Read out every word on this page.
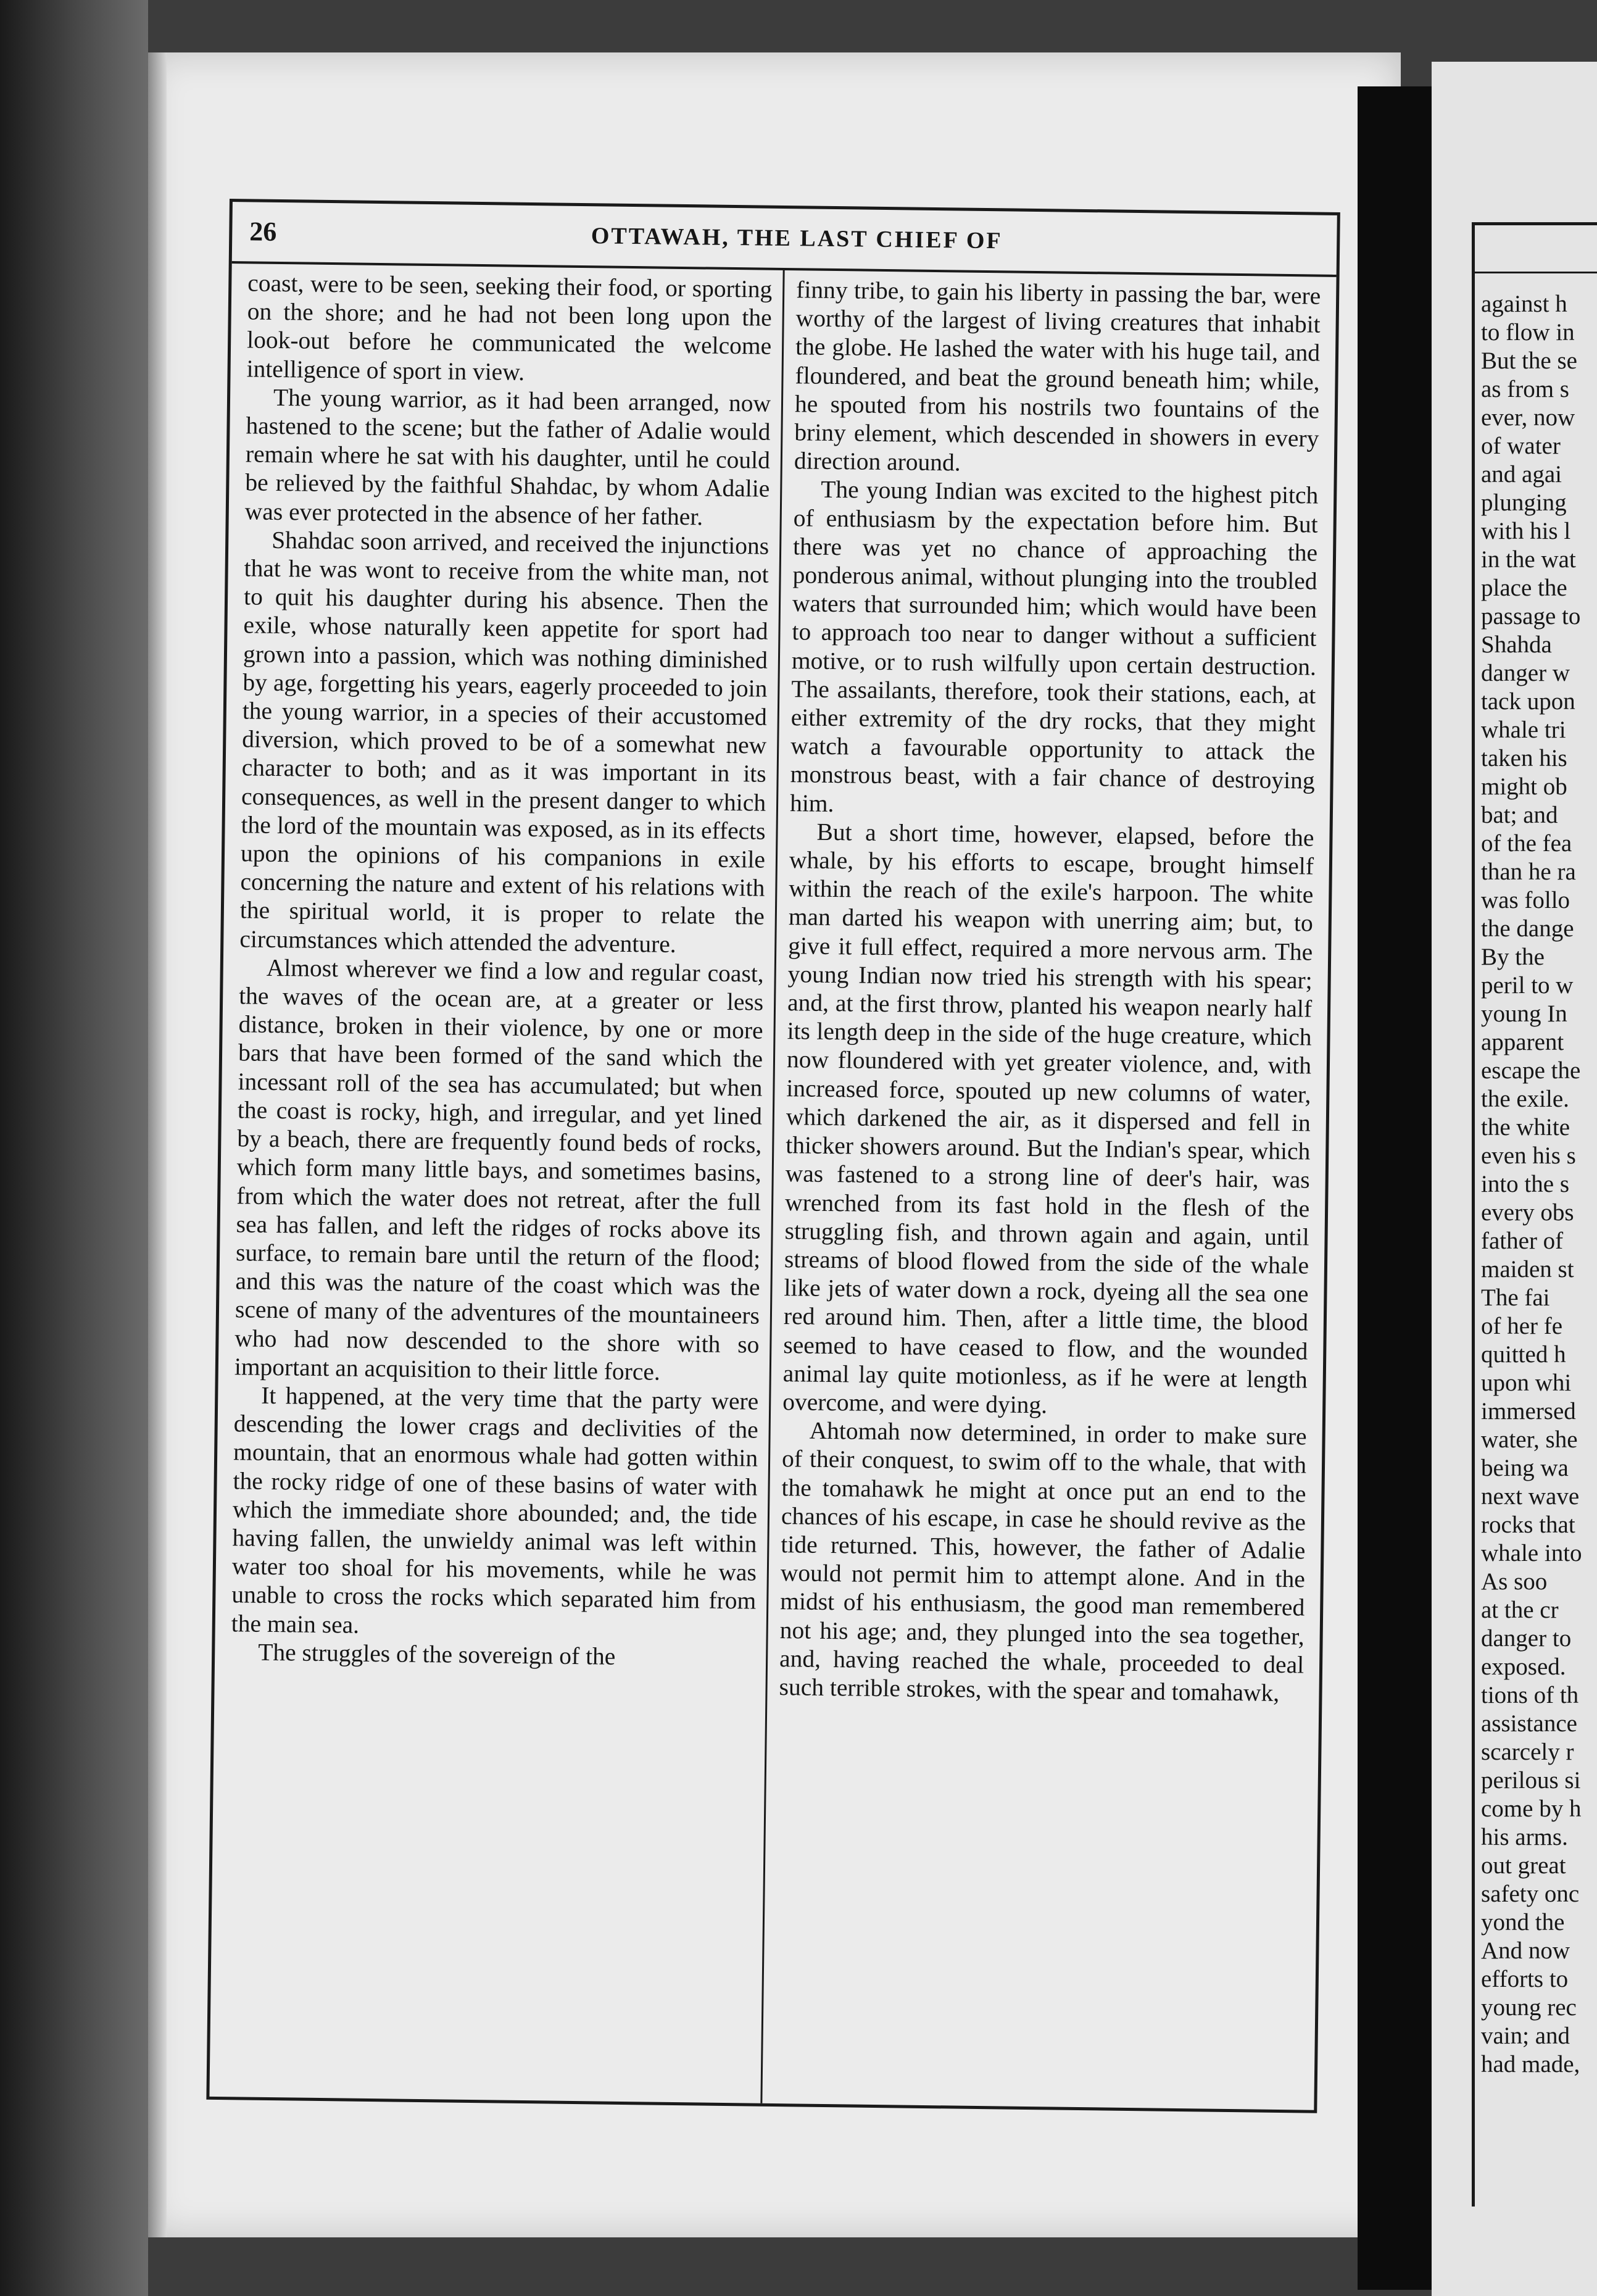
against h
to flow in
But the se
as from s
ever, now
of water
and agai
plunging
with his l
in the wat
place the
passage to
Shahda
danger w
tack upon
whale tri
taken his
might ob
bat; and
of the fea
than he ra
was follo
the dange
By the
peril to w
young In
apparent
escape the
the exile.
the white
even his s
into the s
every obs
father of
maiden st
The fai
of her fe
quitted h
upon whi
immersed
water, she
being wa
next wave
rocks that
whale into
As soo
at the cr
danger to
exposed.
tions of th
assistance
scarcely r
perilous si
come by h
his arms.
out great
safety onc
yond the
And now
efforts to
young rec
vain; and
had made,
26	OTTAWAH, THE LAST CHIEF OF

coast, were to be seen, seeking their food, or sporting on the shore; and he had not been long upon the look-out before he communicated the welcome intelligence of sport in view.

The young warrior, as it had been arranged, now hastened to the scene; but the father of Adalie would remain where he sat with his daughter, until he could be relieved by the faithful Shahdac, by whom Adalie was ever protected in the absence of her father.

Shahdac soon arrived, and received the injunctions that he was wont to receive from the white man, not to quit his daughter during his absence. Then the exile, whose naturally keen appetite for sport had grown into a passion, which was nothing diminished by age, forgetting his years, eagerly proceeded to join the young warrior, in a species of their accustomed diversion, which proved to be of a somewhat new character to both; and as it was important in its consequences, as well in the present danger to which the lord of the mountain was exposed, as in its effects upon the opinions of his companions in exile concerning the nature and extent of his relations with the spiritual world, it is proper to relate the circumstances which attended the adventure.

Almost wherever we find a low and regular coast, the waves of the ocean are, at a greater or less distance, broken in their violence, by one or more bars that have been formed of the sand which the incessant roll of the sea has accumulated; but when the coast is rocky, high, and irregular, and yet lined by a beach, there are frequently found beds of rocks, which form many little bays, and sometimes basins, from which the water does not retreat, after the full sea has fallen, and left the ridges of rocks above its surface, to remain bare until the return of the flood; and this was the nature of the coast which was the scene of many of the adventures of the mountaineers who had now descended to the shore with so important an acquisition to their little force.

It happened, at the very time that the party were descending the lower crags and declivities of the mountain, that an enormous whale had gotten within the rocky ridge of one of these basins of water with which the immediate shore abounded; and, the tide having fallen, the unwieldy animal was left within water too shoal for his movements, while he was unable to cross the rocks which separated him from the main sea.

The struggles of the sovereign of the

finny tribe, to gain his liberty in passing the bar, were worthy of the largest of living creatures that inhabit the globe. He lashed the water with his huge tail, and floundered, and beat the ground beneath him; while, he spouted from his nostrils two fountains of the briny element, which descended in showers in every direction around.

The young Indian was excited to the highest pitch of enthusiasm by the expectation before him. But there was yet no chance of approaching the ponderous animal, without plunging into the troubled waters that surrounded him; which would have been to approach too near to danger without a sufficient motive, or to rush wilfully upon certain destruction. The assailants, therefore, took their stations, each, at either extremity of the dry rocks, that they might watch a favourable opportunity to attack the monstrous beast, with a fair chance of destroying him.

But a short time, however, elapsed, before the whale, by his efforts to escape, brought himself within the reach of the exile's harpoon. The white man darted his weapon with unerring aim; but, to give it full effect, required a more nervous arm. The young Indian now tried his strength with his spear; and, at the first throw, planted his weapon nearly half its length deep in the side of the huge creature, which now floundered with yet greater violence, and, with increased force, spouted up new columns of water, which darkened the air, as it dispersed and fell in thicker showers around. But the Indian's spear, which was fastened to a strong line of deer's hair, was wrenched from its fast hold in the flesh of the struggling fish, and thrown again and again, until streams of blood flowed from the side of the whale like jets of water down a rock, dyeing all the sea one red around him. Then, after a little time, the blood seemed to have ceased to flow, and the wounded animal lay quite motionless, as if he were at length overcome, and were dying.

Ahtomah now determined, in order to make sure of their conquest, to swim off to the whale, that with the tomahawk he might at once put an end to the chances of his escape, in case he should revive as the tide returned. This, however, the father of Adalie would not permit him to attempt alone. And in the midst of his enthusiasm, the good man remembered not his age; and, they plunged into the sea together, and, having reached the whale, proceeded to deal such terrible strokes, with the spear and tomahawk,
